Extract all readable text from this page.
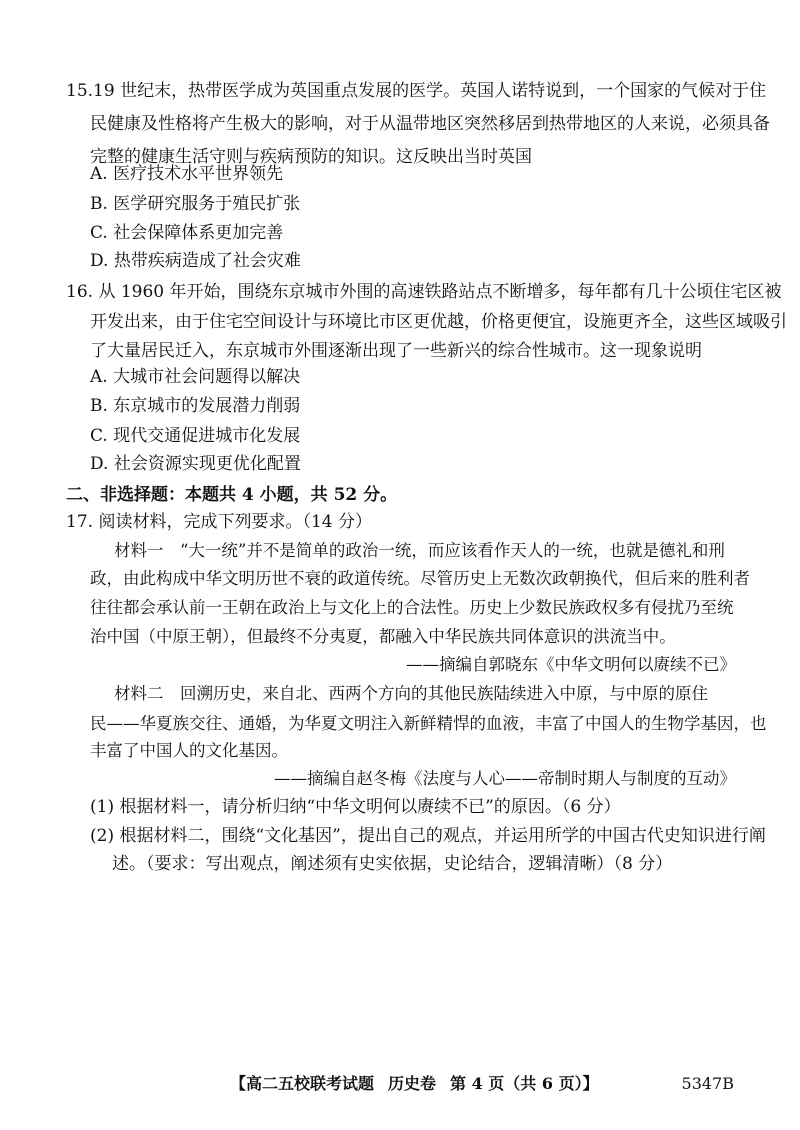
15.19 世纪末，热带医学成为英国重点发展的医学。英国人诺特说到，一个国家的气候对于住
民健康及性格将产生极大的影响，对于从温带地区突然移居到热带地区的人来说，必须具备
完整的健康生活守则与疾病预防的知识。这反映出当时英国
A. 医疗技术水平世界领先
B. 医学研究服务于殖民扩张
C. 社会保障体系更加完善
D. 热带疾病造成了社会灾难
16. 从 1960 年开始，围绕东京城市外围的高速铁路站点不断增多，每年都有几十公顷住宅区被
开发出来，由于住宅空间设计与环境比市区更优越，价格更便宜，设施更齐全，这些区域吸引
了大量居民迁入，东京城市外围逐渐出现了一些新兴的综合性城市。这一现象说明
A. 大城市社会问题得以解决
B. 东京城市的发展潜力削弱
C. 现代交通促进城市化发展
D. 社会资源实现更优化配置
二、非选择题：本题共 4 小题，共 52 分。
17. 阅读材料，完成下列要求。（14 分）
材料一　“大一统”并不是简单的政治一统，而应该看作天人的一统，也就是德礼和刑
政，由此构成中华文明历世不衰的政道传统。尽管历史上无数次政朝换代，但后来的胜利者
往往都会承认前一王朝在政治上与文化上的合法性。历史上少数民族政权多有侵扰乃至统
治中国（中原王朝），但最终不分夷夏，都融入中华民族共同体意识的洪流当中。
——摘编自郭晓东《中华文明何以赓续不已》
材料二　回溯历史，来自北、西两个方向的其他民族陆续进入中原，与中原的原住
民——华夏族交往、通婚，为华夏文明注入新鲜精悍的血液，丰富了中国人的生物学基因，也
丰富了中国人的文化基因。
——摘编自赵冬梅《法度与人心——帝制时期人与制度的互动》
(1) 根据材料一，请分析归纳“中华文明何以赓续不已”的原因。（6 分）
(2) 根据材料二，围绕“文化基因”，提出自己的观点，并运用所学的中国古代史知识进行阐
述。（要求：写出观点，阐述须有史实依据，史论结合，逻辑清晰）（8 分）
【高二五校联考试题 历史卷 第 4 页（共 6 页）】	5347B
